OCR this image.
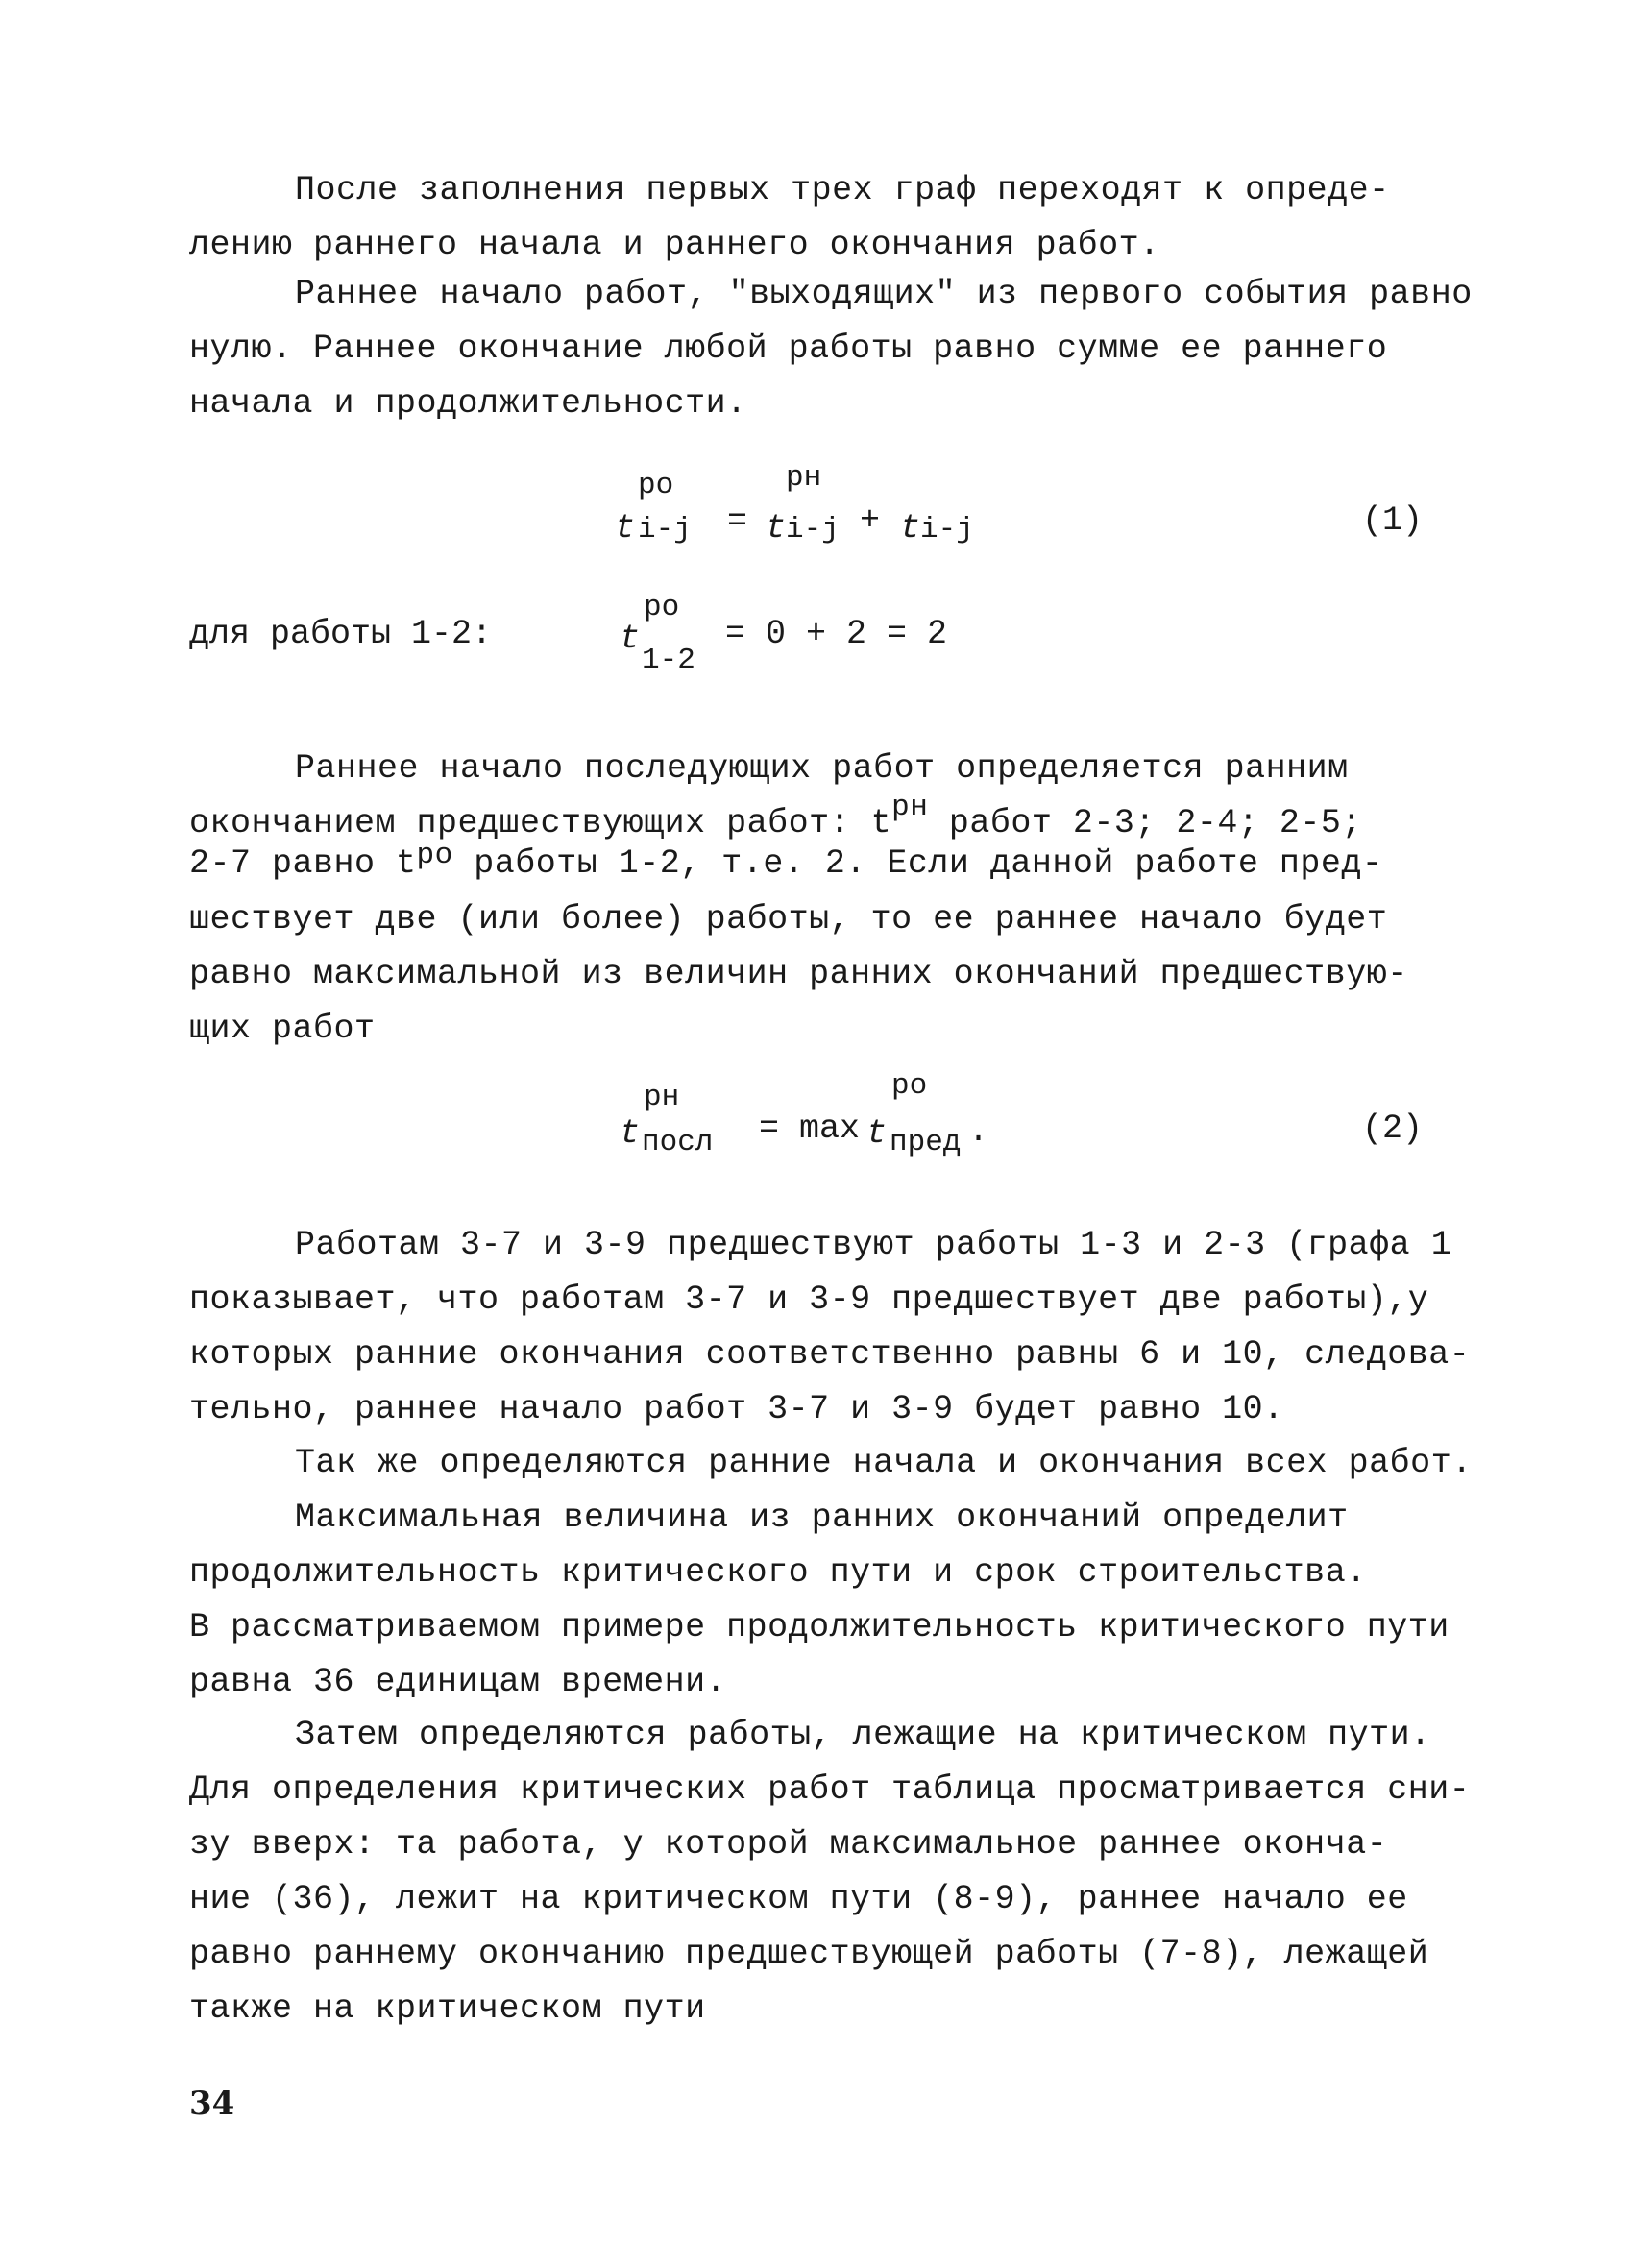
После заполнения первых трех граф переходят к опреде-
лению раннего начала и раннего окончания работ.
Раннее начало работ, "выходящих" из первого события равно
нулю. Раннее окончание любой работы равно сумме ее раннего
начала и продолжительности.
t
ро
i-j = t
рн
i-j + t i-j	(1)
для работы 1-2:	t
ро
1-2
= 0 + 2 = 2
Раннее начало последующих работ определяется ранним
окончанием предшествующих работ: tрн работ 2-3; 2-4; 2-5;
2-7 равно tро работы 1-2, т.е. 2. Если данной работе пред-
шествует две (или более) работы, то ее раннее начало будет
равно максимальной из величин ранних окончаний предшествую-
щих работ
t
рн
посл = max t
ро
пред .	(2)
Работам 3-7 и 3-9 предшествуют работы 1-3 и 2-3 (графа 1
показывает, что работам 3-7 и 3-9 предшествует две работы),у
которых ранние окончания соответственно равны 6 и 10, следова-
тельно, раннее начало работ 3-7 и 3-9 будет равно 10.
Так же определяются ранние начала и окончания всех работ.
Максимальная величина из ранних окончаний определит
продолжительность критического пути и срок строительства.
В рассматриваемом примере продолжительность критического пути
равна 36 единицам времени.
Затем определяются работы, лежащие на критическом пути.
Для определения критических работ таблица просматривается сни-
зу вверх: та работа, у которой максимальное раннее оконча-
ние (36), лежит на критическом пути (8-9), раннее начало ее
равно раннему окончанию предшествующей работы (7-8), лежащей
также на критическом пути
34
